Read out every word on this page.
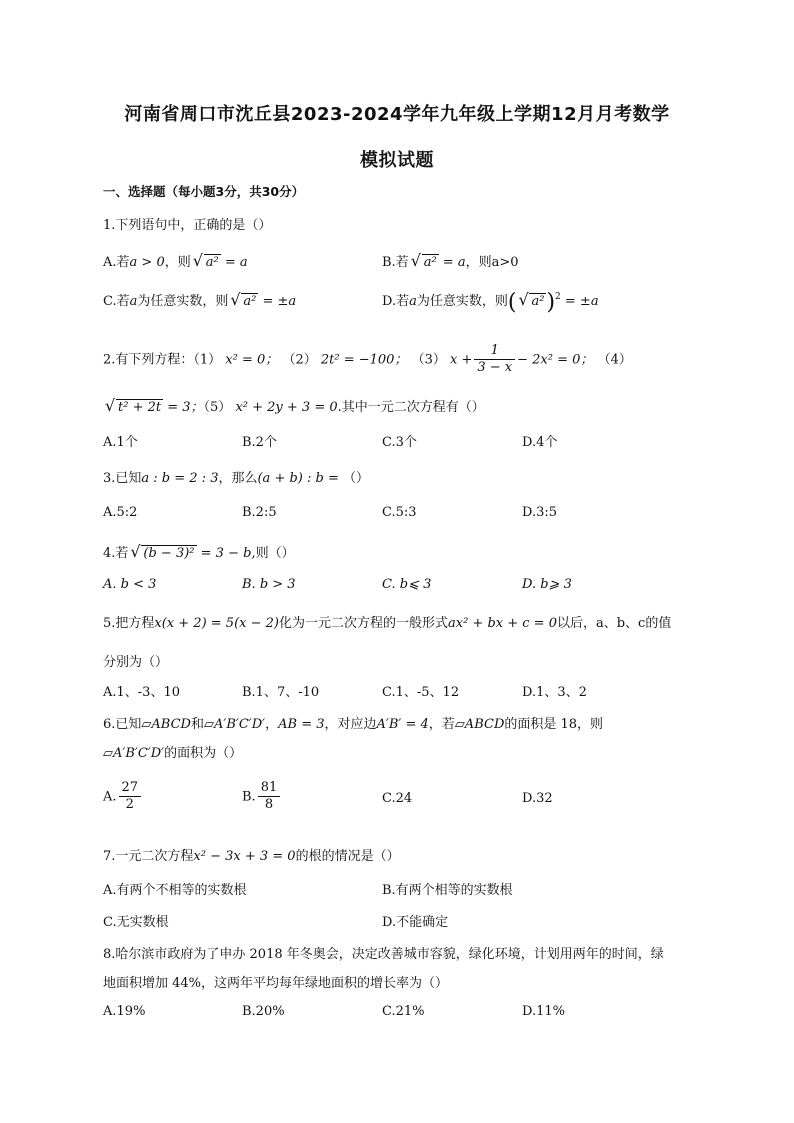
河南省周口市沈丘县2023-2024学年九年级上学期12月月考数学
模拟试题
一、选择题（每小题3分，共30分）
1.下列语句中，正确的是（）
A.若a > 0，则 √ a² = a	B.若 √ a² = a，则a>0
C.若a为任意实数，则 √ a² = ±a	D.若a为任意实数，则( √ a²)$^2$ = ±a
2.有下列方程：（1） x² = 0； （2） 2t² = −100； （3） $x + \frac{1}{3 - x} - 2x^2 = 0$； （4）
√ t² + 2t = 3；（5） x² + 2y + 3 = 0.其中一元二次方程有（）
A.1个	B.2个	C.3个	D.4个
3.已知a : b = 2 : 3，那么(a + b) : b = （）
A.5:2	B.2:5	C.5:3	D.3:5
4.若 √ (b − 3)² = 3 − b,则（）
A. b < 3	B. b > 3	C. b⩽ 3	D. b⩾ 3
5.把方程x(x + 2) = 5(x − 2)化为一元二次方程的一般形式ax² + bx + c = 0以后，a、b、c的值
分别为（）
A.1、-3、10	B.1、7、-10	C.1、-5、12	D.1、3、2
6.已知▱ABCD和▱A′B′C′D′，AB = 3，对应边A′B′ = 4，若▱ABCD的面积是 18，则
▱A′B′C′D′的面积为（）
A. $\frac{27}{2}$	B. $\frac{81}{8}$	C.24	D.32
7.一元二次方程x² − 3x + 3 = 0的根的情况是（）
A.有两个不相等的实数根	B.有两个相等的实数根
C.无实数根	D.不能确定
8.哈尔滨市政府为了申办 2018 年冬奥会，决定改善城市容貌，绿化环境，计划用两年的时间，绿
地面积增加 44%，这两年平均每年绿地面积的增长率为（）
A.19%	B.20%	C.21%	D.11%
